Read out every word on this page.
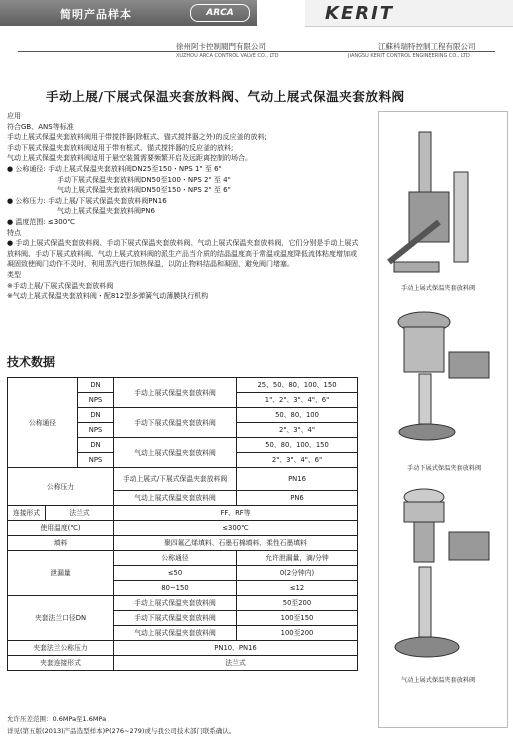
简明产品样本	ARCA	KERIT
徐州阿卡控制閥門有限公司
XUZHOU ARCA CONTROL VALVE CO., LTD
江蘇科瑞特控制工程有限公司
JIANGSU KERIT CONTROL ENGINEERING CO., LTD
手动上展/下展式保温夹套放料阀、气动上展式保温夹套放料阀
应用
符合GB、ANS等标准
手动上展式保温夹套放料阀用于带搅拌器(除框式、锚式搅拌器之外)的反应釜的放料;
手动下展式保温夹套放料阀适用于带有框式、锚式搅拌器的反应釜的放料;
气动上展式保温夹套放料阀适用于悬空装置需要频繁开启及远距离控制的场合。
● 公称通径: 手动上展式保温夹套放料阀DN25至150・NPS 1" 至 6"
手动下展式保温夹套放料阀DN50至100・NPS 2" 至 4"
气动上展式保温夹套放料阀DN50至150・NPS 2" 至 6"
● 公称压力: 手动上展/下展式保温夹套放料阀PN16
气动上展式保温夹套放料阀PN6
● 温度范围: ≤300℃
特点
● 手动上展式保温夹套放料阀、手动下展式保温夹套放料阀、气动上展式保温夹套放料阀，它们分别是手动上展式放料阀、手动下展式放料阀、气动上展式放料阀的派生产品当介质的结晶温度高于常温或温度降低流体粘度增加或凝固致使阀门动作不灵时，利用蒸汽进行加热保温，以防止物料结晶和凝固，避免阀门堵塞。
类型
※手动上展/下展式保温夹套放料阀
※气动上展式保温夹套放料阀・配812型多弹簧气动薄膜执行机构
技术数据
公称通径		DN	手动上展式保温夹套放料阀	25、50、80、100、150
		NPS		1"、2"、3"、4"、6"
		DN	手动下展式保温夹套放料阀	50、80、100
		NPS		2"、3"、4"
		DN	气动上展式保温夹套放料阀	50、80、100、150
		NPS		2"、3"、4"、6"
公称压力			手动上展式/下展式保温夹套放料阀	PN16
			气动上展式保温夹套放料阀	PN6
连接形式	法兰式		FF、RF等	
使用温度(℃)			≤300℃	
填料			聚四氟乙烯填料、石墨石棉填料、柔性石墨填料	
泄漏量			公称通径	允许泄漏量，滴/分钟
			≤50	0(2分钟内)
			80~150	≤12
夹套法兰口径DN			手动上展式保温夹套放料阀	50至200
			手动下展式保温夹套放料阀	100至150
			气动上展式保温夹套放料阀	100至200
夹套法兰公称压力			PN10、PN16	
夹套连接形式			法兰式	
允许压差范围：0.6MPa至1.6MPa
详见(第五版(2013)产品选型样本)P(276~279)或与我公司技术部门联系确认。
手动上展式保温夹套放料阀
手动下展式保温夹套放料阀
气动上展式保温夹套放料阀
